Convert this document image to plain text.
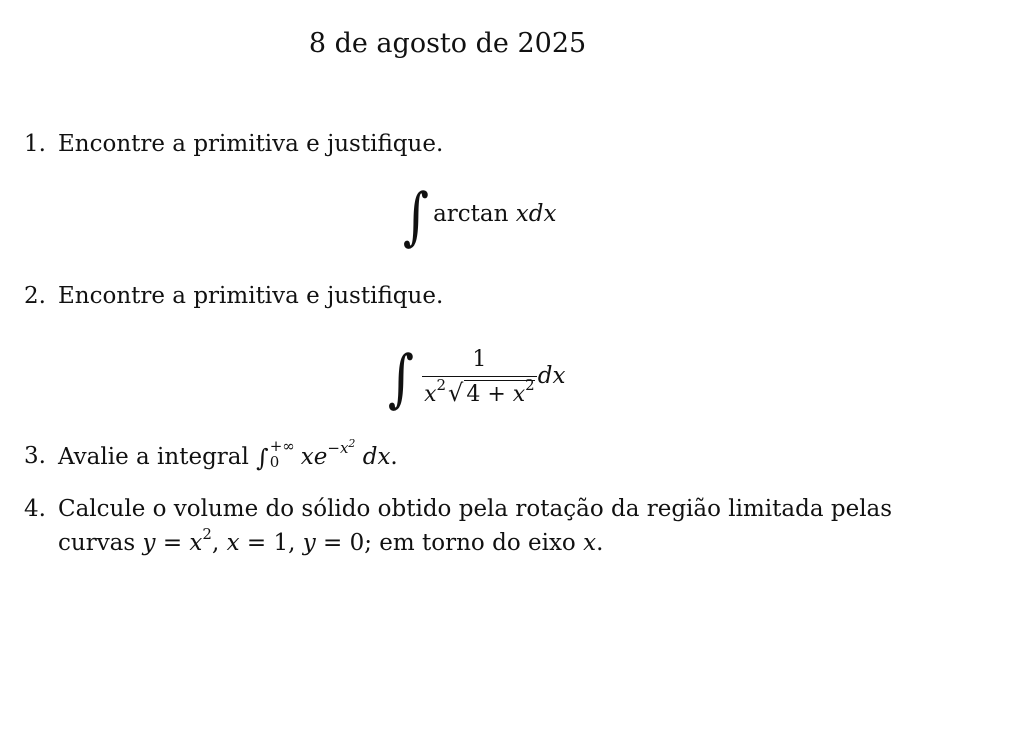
8 de agosto de 2025
1. Encontre a primitiva e justifique.
∫ arctan xdx
2. Encontre a primitiva e justifique.
∫ $\frac{1}{x^2√ 4 + x^2}$ dx
3. Avalie a integral ∫ +∞
0 $xe^{-x^2}$ dx.
4. Calcule o volume do sólido obtido pela rotação da região limitada pelas
curvas $y = x^2$, x = 1, y = 0; em torno do eixo x.
